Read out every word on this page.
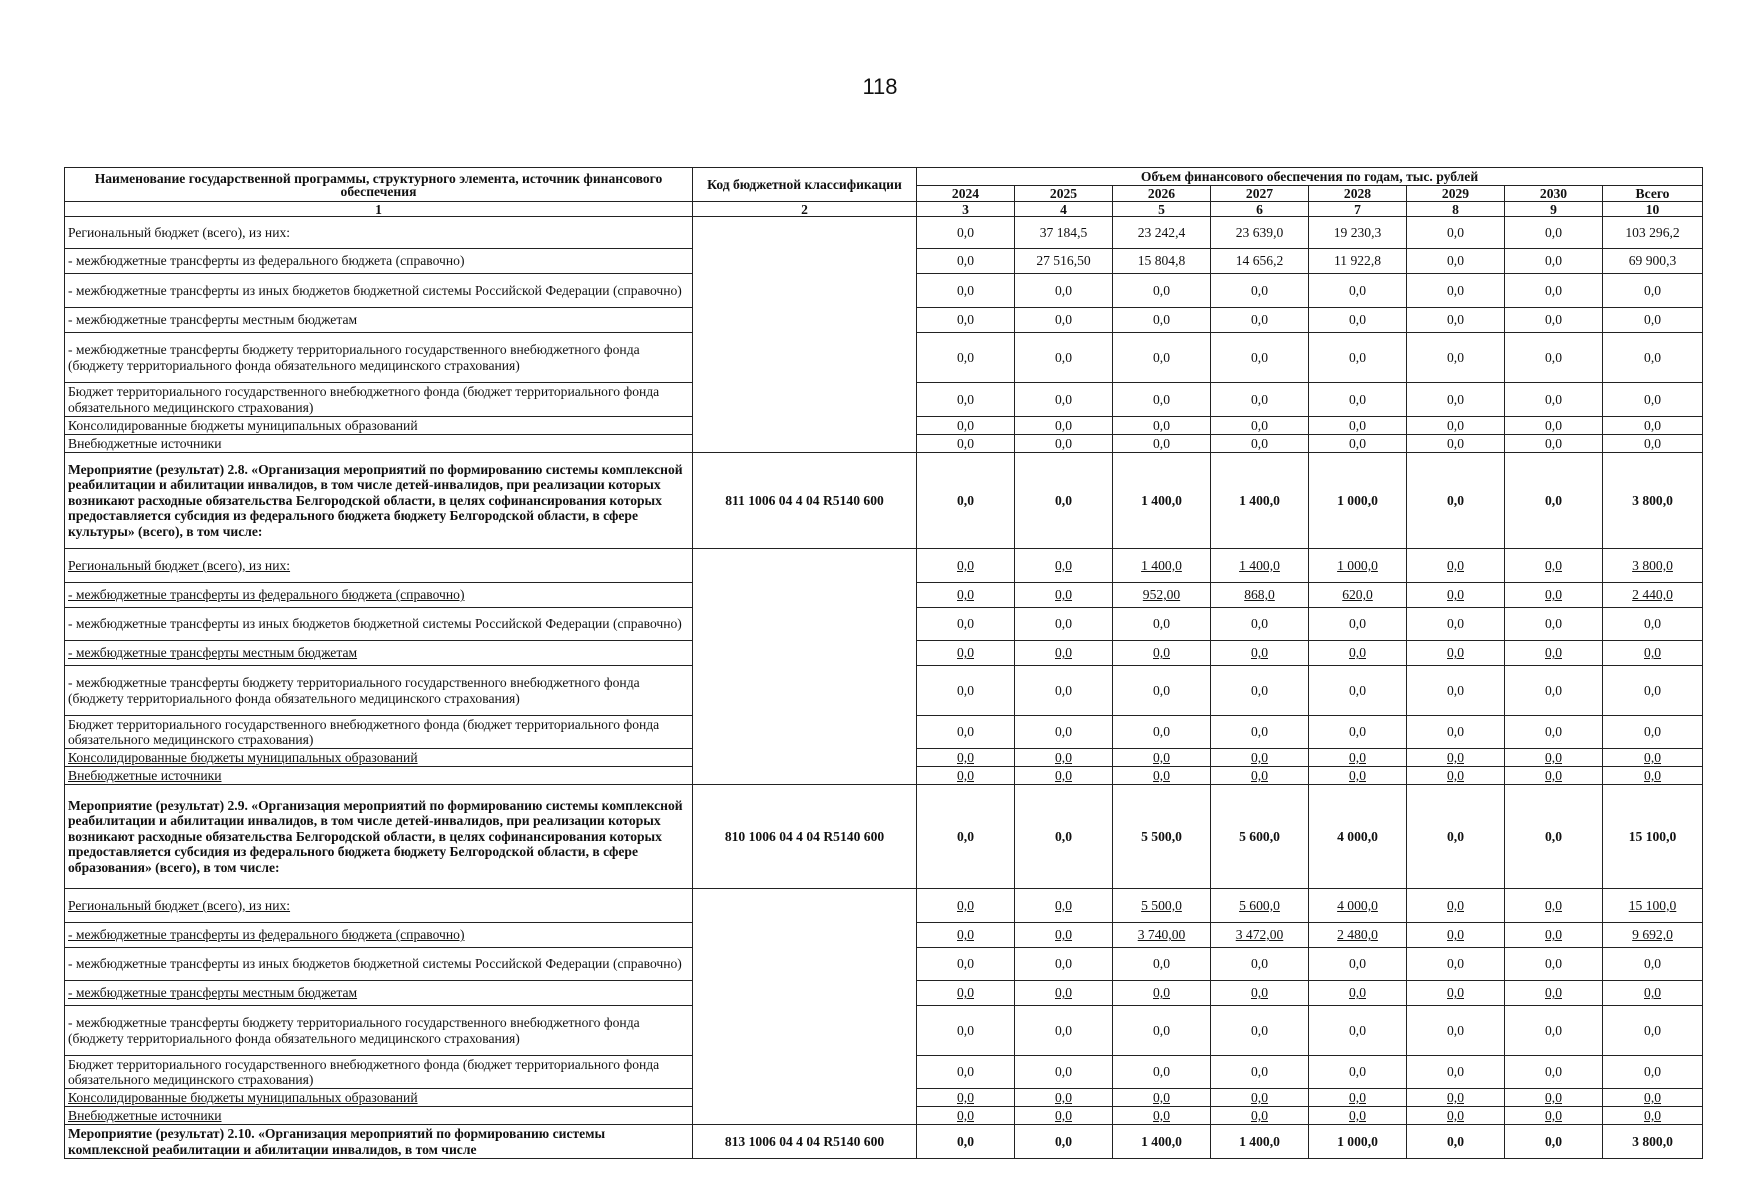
118
Наименование государственной программы, структурного элемента, источник финансового обеспечения	Код бюджетной классификации	Объем финансового обеспечения по годам, тыс. рублей							
		2024	2025	2026	2027	2028	2029	2030	Всего
1	2	3	4	5	6	7	8	9	10
Региональный бюджет (всего), из них:		0,0	37 184,5	23 242,4	23 639,0	19 230,3	0,0	0,0	103 296,2
- межбюджетные трансферты из федерального бюджета (справочно)		0,0	27 516,50	15 804,8	14 656,2	11 922,8	0,0	0,0	69 900,3
- межбюджетные трансферты из иных бюджетов бюджетной системы Российской Федерации (справочно)		0,0	0,0	0,0	0,0	0,0	0,0	0,0	0,0
- межбюджетные трансферты местным бюджетам		0,0	0,0	0,0	0,0	0,0	0,0	0,0	0,0
- межбюджетные трансферты бюджету территориального государственного внебюджетного фонда (бюджету территориального фонда обязательного медицинского страхования)		0,0	0,0	0,0	0,0	0,0	0,0	0,0	0,0
Бюджет территориального государственного внебюджетного фонда (бюджет территориального фонда обязательного медицинского страхования)		0,0	0,0	0,0	0,0	0,0	0,0	0,0	0,0
Консолидированные бюджеты муниципальных образований		0,0	0,0	0,0	0,0	0,0	0,0	0,0	0,0
Внебюджетные источники		0,0	0,0	0,0	0,0	0,0	0,0	0,0	0,0
Мероприятие (результат) 2.8. «Организация мероприятий по формированию системы комплексной реабилитации и абилитации инвалидов, в том числе детей-инвалидов, при реализации которых возникают расходные обязательства Белгородской области, в целях софинансирования которых предоставляется субсидия из федерального бюджета бюджету Белгородской области, в сфере культуры» (всего), в том числе:	811 1006 04 4 04 R5140 600	0,0	0,0	1 400,0	1 400,0	1 000,0	0,0	0,0	3 800,0
Региональный бюджет (всего), из них:		0,0	0,0	1 400,0	1 400,0	1 000,0	0,0	0,0	3 800,0
- межбюджетные трансферты из федерального бюджета (справочно)		0,0	0,0	952,00	868,0	620,0	0,0	0,0	2 440,0
- межбюджетные трансферты из иных бюджетов бюджетной системы Российской Федерации (справочно)		0,0	0,0	0,0	0,0	0,0	0,0	0,0	0,0
- межбюджетные трансферты местным бюджетам		0,0	0,0	0,0	0,0	0,0	0,0	0,0	0,0
- межбюджетные трансферты бюджету территориального государственного внебюджетного фонда (бюджету территориального фонда обязательного медицинского страхования)		0,0	0,0	0,0	0,0	0,0	0,0	0,0	0,0
Бюджет территориального государственного внебюджетного фонда (бюджет территориального фонда обязательного медицинского страхования)		0,0	0,0	0,0	0,0	0,0	0,0	0,0	0,0
Консолидированные бюджеты муниципальных образований		0,0	0,0	0,0	0,0	0,0	0,0	0,0	0,0
Внебюджетные источники		0,0	0,0	0,0	0,0	0,0	0,0	0,0	0,0
Мероприятие (результат) 2.9. «Организация мероприятий по формированию системы комплексной реабилитации и абилитации инвалидов, в том числе детей-инвалидов, при реализации которых возникают расходные обязательства Белгородской области, в целях софинансирования которых предоставляется субсидия из федерального бюджета бюджету Белгородской области, в сфере образования» (всего), в том числе:	810 1006 04 4 04 R5140 600	0,0	0,0	5 500,0	5 600,0	4 000,0	0,0	0,0	15 100,0
Региональный бюджет (всего), из них:		0,0	0,0	5 500,0	5 600,0	4 000,0	0,0	0,0	15 100,0
- межбюджетные трансферты из федерального бюджета (справочно)		0,0	0,0	3 740,00	3 472,00	2 480,0	0,0	0,0	9 692,0
- межбюджетные трансферты из иных бюджетов бюджетной системы Российской Федерации (справочно)		0,0	0,0	0,0	0,0	0,0	0,0	0,0	0,0
- межбюджетные трансферты местным бюджетам		0,0	0,0	0,0	0,0	0,0	0,0	0,0	0,0
- межбюджетные трансферты бюджету территориального государственного внебюджетного фонда (бюджету территориального фонда обязательного медицинского страхования)		0,0	0,0	0,0	0,0	0,0	0,0	0,0	0,0
Бюджет территориального государственного внебюджетного фонда (бюджет территориального фонда обязательного медицинского страхования)		0,0	0,0	0,0	0,0	0,0	0,0	0,0	0,0
Консолидированные бюджеты муниципальных образований		0,0	0,0	0,0	0,0	0,0	0,0	0,0	0,0
Внебюджетные источники		0,0	0,0	0,0	0,0	0,0	0,0	0,0	0,0
Мероприятие (результат) 2.10. «Организация мероприятий по формированию системы комплексной реабилитации и абилитации инвалидов, в том числе	813 1006 04 4 04 R5140 600	0,0	0,0	1 400,0	1 400,0	1 000,0	0,0	0,0	3 800,0
